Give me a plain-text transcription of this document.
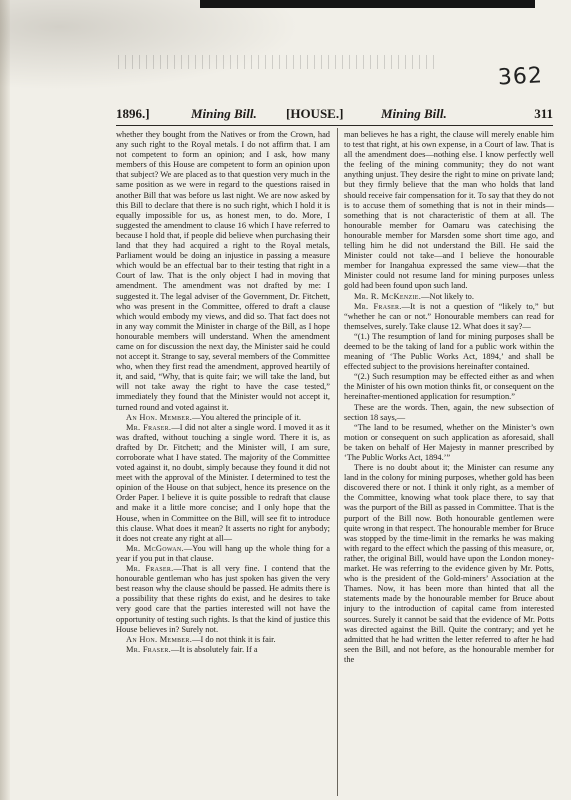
362
1896.]	Mining Bill. [HOUSE.]	Mining Bill.	311

whether they bought from the Natives or from the Crown, had any such right to the Royal metals. I do not affirm that. I am not competent to form an opinion; and I ask, how many members of this House are competent to form an opinion upon that subject? We are placed as to that question very much in the same position as we were in regard to the questions raised in another Bill that was before us last night. We are now asked by this Bill to declare that there is no such right, which I hold it is equally impossible for us, as honest men, to do. More, I suggested the amendment to clause 16 which I have referred to because I hold that, if people did believe when purchasing their land that they had acquired a right to the Royal metals, Parliament would be doing an injustice in passing a measure which would be an effectual bar to their testing that right in a Court of law. That is the only object I had in moving that amendment. The amendment was not drafted by me: I suggested it. The legal adviser of the Government, Dr. Fitchett, who was present in the Committee, offered to draft a clause which would embody my views, and did so. That fact does not in any way commit the Minister in charge of the Bill, as I hope honourable members will understand. When the amendment came on for discussion the next day, the Minister said he could not accept it. Strange to say, several members of the Committee who, when they first read the amendment, approved heartily of it, and said, “Why, that is quite fair; we will take the land, but will not take away the right to have the case tested,” immediately they found that the Minister would not accept it, turned round and voted against it.

An Hon. Member.—You altered the principle of it.

Mr. Fraser.—I did not alter a single word. I moved it as it was drafted, without touching a single word. There it is, as drafted by Dr. Fitchett; and the Minister will, I am sure, corroborate what I have stated. The majority of the Committee voted against it, no doubt, simply because they found it did not meet with the approval of the Minister. I determined to test the opinion of the House on that subject, hence its presence on the Order Paper. I believe it is quite possible to redraft that clause and make it a little more concise; and I only hope that the House, when in Committee on the Bill, will see fit to introduce this clause. What does it mean? It asserts no right for anybody; it does not create any right at all—

Mr. McGowan.—You will hang up the whole thing for a year if you put in that clause.

Mr. Fraser.—That is all very fine. I contend that the honourable gentleman who has just spoken has given the very best reason why the clause should be passed. He admits there is a possibility that these rights do exist, and he desires to take very good care that the parties interested will not have the opportunity of testing such rights. Is that the kind of justice this House believes in? Surely not.

An Hon. Member.—I do not think it is fair.

Mr. Fraser.—It is absolutely fair. If a

man believes he has a right, the clause will merely enable him to test that right, at his own expense, in a Court of law. That is all the amendment does—nothing else. I know perfectly well the feeling of the mining community; they do not want anything unjust. They desire the right to mine on private land; but they firmly believe that the man who holds that land should receive fair compensation for it. To say that they do not is to accuse them of something that is not in their minds—something that is not characteristic of them at all. The honourable member for Oamaru was catechising the honourable member for Marsden some short time ago, and telling him he did not understand the Bill. He said the Minister could not take—and I believe the honourable member for Inangahua expressed the same view—that the Minister could not resume land for mining purposes unless gold had been found upon such land.

Mr. R. McKenzie.—Not likely to.

Mr. Fraser.—It is not a question of “likely to,” but “whether he can or not.” Honourable members can read for themselves, surely. Take clause 12. What does it say?—

“(1.) The resumption of land for mining purposes shall be deemed to be the taking of land for a public work within the meaning of ‘The Public Works Act, 1894,’ and shall be effected subject to the provisions hereinafter contained.

“(2.) Such resumption may be effected either as and when the Minister of his own motion thinks fit, or consequent on the hereinafter-mentioned application for resumption.”

These are the words. Then, again, the new subsection of section 18 says,—

“The land to be resumed, whether on the Minister’s own motion or consequent on such application as aforesaid, shall be taken on behalf of Her Majesty in manner prescribed by ‘The Public Works Act, 1894.’”

There is no doubt about it; the Minister can resume any land in the colony for mining purposes, whether gold has been discovered there or not. I think it only right, as a member of the Committee, knowing what took place there, to say that was the purport of the Bill as passed in Committee. That is the purport of the Bill now. Both honourable gentlemen were quite wrong in that respect. The honourable member for Bruce was stopped by the time-limit in the remarks he was making with regard to the effect which the passing of this measure, or, rather, the original Bill, would have upon the London money-market. He was referring to the evidence given by Mr. Potts, who is the president of the Gold-miners’ Association at the Thames. Now, it has been more than hinted that all the statements made by the honourable member for Bruce about injury to the introduction of capital came from interested sources. Surely it cannot be said that the evidence of Mr. Potts was directed against the Bill. Quite the contrary; and yet he admitted that he had written the letter referred to after he had seen the Bill, and not before, as the honourable member for the
